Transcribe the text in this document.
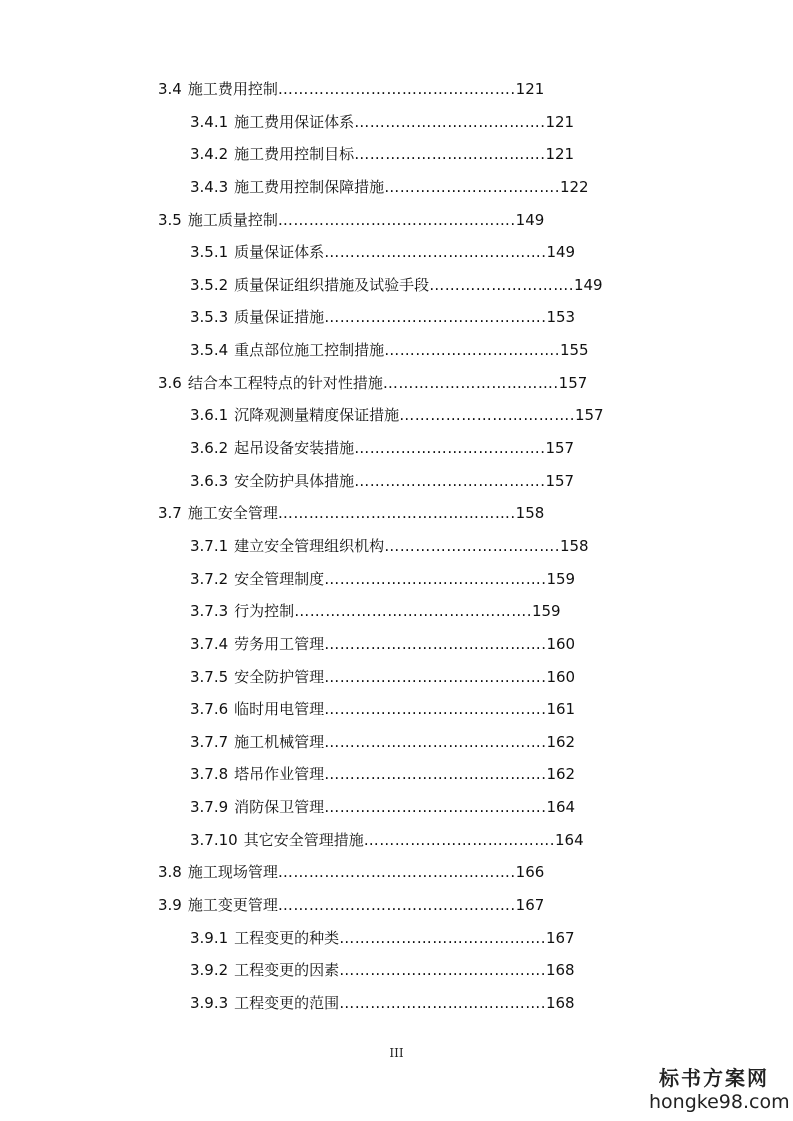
3.4 施工费用控制……………………………………….121
3.4.1 施工费用保证体系……………………………….121
3.4.2 施工费用控制目标……………………………….121
3.4.3 施工费用控制保障措施…………………………….122
3.5 施工质量控制……………………………………….149
3.5.1 质量保证体系…………………………………….149
3.5.2 质量保证组织措施及试验手段……………………….149
3.5.3 质量保证措施…………………………………….153
3.5.4 重点部位施工控制措施…………………………….155
3.6 结合本工程特点的针对性措施…………………………….157
3.6.1 沉降观测量精度保证措施…………………………….157
3.6.2 起吊设备安装措施……………………………….157
3.6.3 安全防护具体措施……………………………….157
3.7 施工安全管理……………………………………….158
3.7.1 建立安全管理组织机构…………………………….158
3.7.2 安全管理制度…………………………………….159
3.7.3 行为控制……………………………………….159
3.7.4 劳务用工管理…………………………………….160
3.7.5 安全防护管理…………………………………….160
3.7.6 临时用电管理…………………………………….161
3.7.7 施工机械管理…………………………………….162
3.7.8 塔吊作业管理…………………………………….162
3.7.9 消防保卫管理…………………………………….164
3.7.10 其它安全管理措施……………………………….164
3.8 施工现场管理……………………………………….166
3.9 施工变更管理……………………………………….167
3.9.1 工程变更的种类………………………………….167
3.9.2 工程变更的因素………………………………….168
3.9.3 工程变更的范围………………………………….168
III
标书方案网
hongke98.com
